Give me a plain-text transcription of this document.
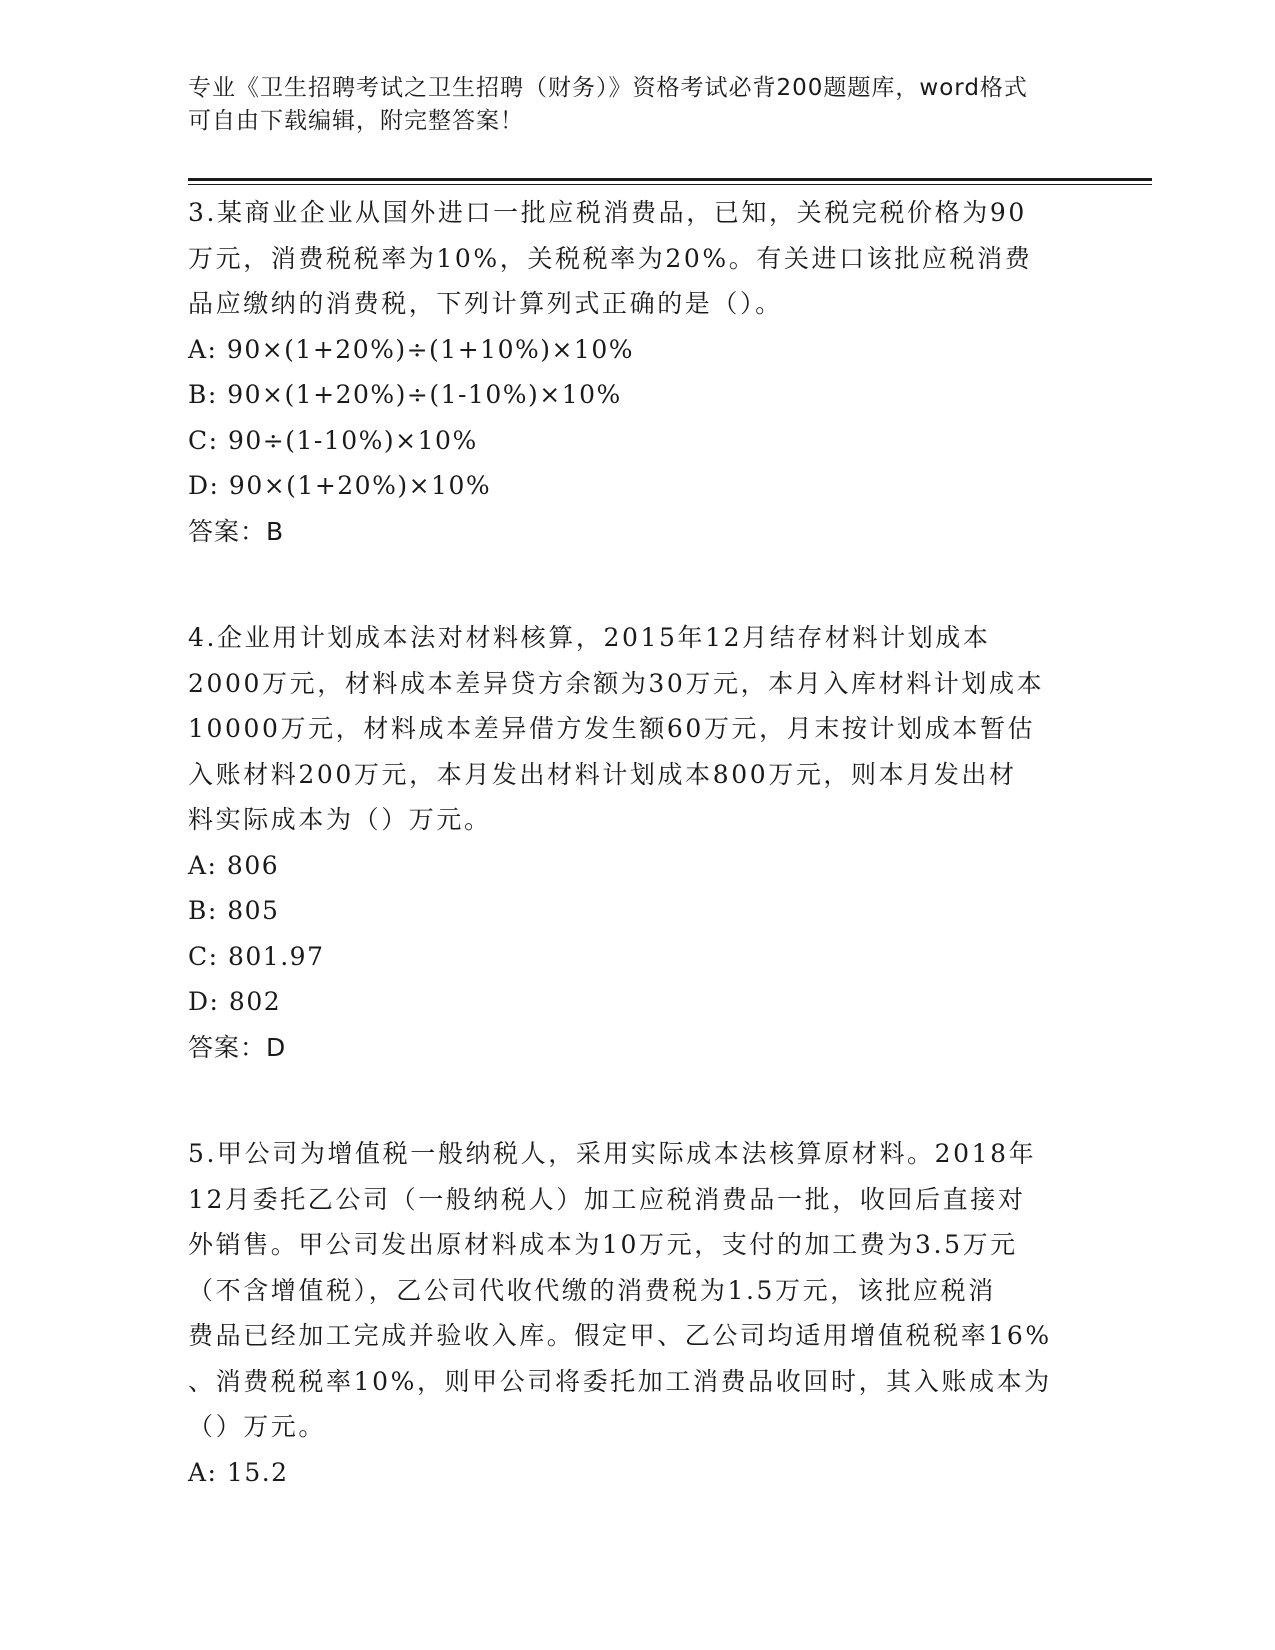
专业《卫生招聘考试之卫生招聘（财务）》资格考试必背200题题库，word格式
可自由下载编辑，附完整答案！
3.某商业企业从国外进口一批应税消费品，已知，关税完税价格为90
万元，消费税税率为10%，关税税率为20%。有关进口该批应税消费
品应缴纳的消费税，下列计算列式正确的是（）。
A: 90×(1+20%)÷(1+10%)×10%
B: 90×(1+20%)÷(1-10%)×10%
C: 90÷(1-10%)×10%
D: 90×(1+20%)×10%
答案：B
4.企业用计划成本法对材料核算，2015年12月结存材料计划成本
2000万元，材料成本差异贷方余额为30万元，本月入库材料计划成本
10000万元，材料成本差异借方发生额60万元，月末按计划成本暂估
入账材料200万元，本月发出材料计划成本800万元，则本月发出材
料实际成本为（）万元。
A: 806
B: 805
C: 801.97
D: 802
答案：D
5.甲公司为增值税一般纳税人，采用实际成本法核算原材料。2018年
12月委托乙公司（一般纳税人）加工应税消费品一批，收回后直接对
外销售。甲公司发出原材料成本为10万元，支付的加工费为3.5万元
（不含增值税），乙公司代收代缴的消费税为1.5万元，该批应税消
费品已经加工完成并验收入库。假定甲、乙公司均适用增值税税率16%
、消费税税率10%，则甲公司将委托加工消费品收回时，其入账成本为
（）万元。
A: 15.2
